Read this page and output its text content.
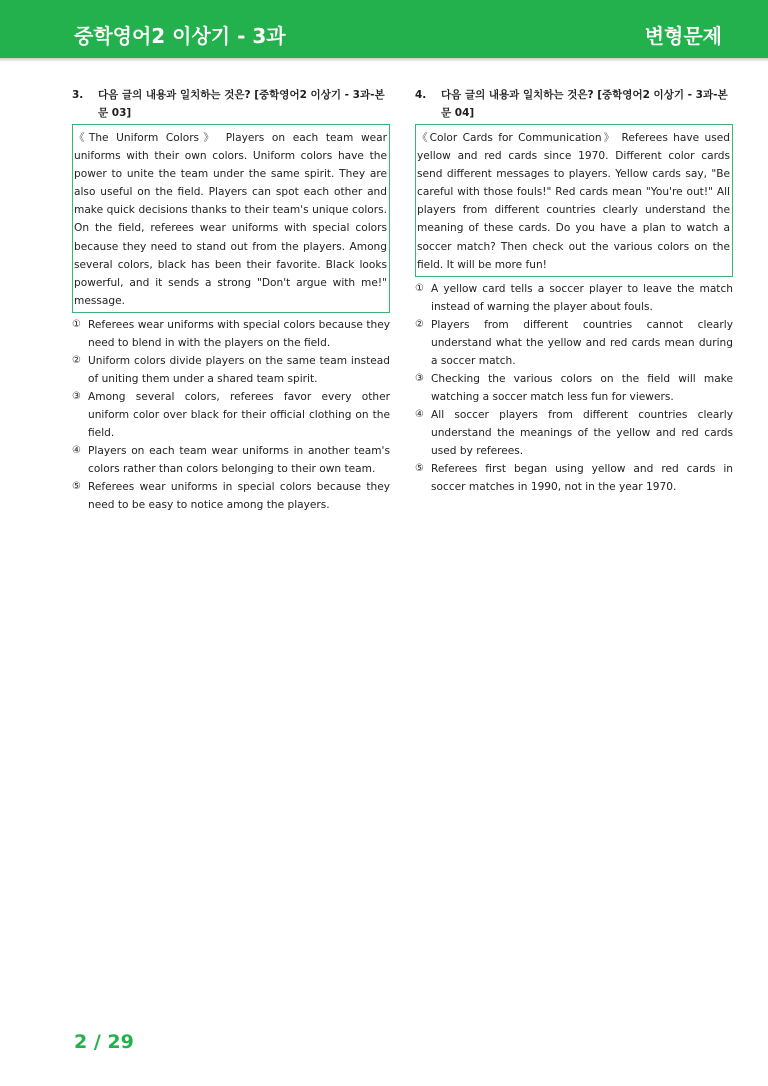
중학영어2 이상기 - 3과	변형문제
3.	다음 글의 내용과 일치하는 것은? [중학영어2 이상기 - 3과-본문 03]
《The Uniform Colors》 Players on each team wear uniforms with their own colors. Uniform colors have the power to unite the team under the same spirit. They are also useful on the field. Players can spot each other and make quick decisions thanks to their team's unique colors. On the field, referees wear uniforms with special colors because they need to stand out from the players. Among several colors, black has been their favorite. Black looks powerful, and it sends a strong "Don't argue with me!" message.
① Referees wear uniforms with special colors because they need to blend in with the players on the field.
② Uniform colors divide players on the same team instead of uniting them under a shared team spirit.
③ Among several colors, referees favor every other uniform color over black for their official clothing on the field.
④ Players on each team wear uniforms in another team's colors rather than colors belonging to their own team.
⑤ Referees wear uniforms in special colors because they need to be easy to notice among the players.
4.	다음 글의 내용과 일치하는 것은? [중학영어2 이상기 - 3과-본문 04]
《Color Cards for Communication》 Referees have used yellow and red cards since 1970. Different color cards send different messages to players. Yellow cards say, "Be careful with those fouls!" Red cards mean "You're out!" All players from different countries clearly understand the meaning of these cards. Do you have a plan to watch a soccer match? Then check out the various colors on the field. It will be more fun!
① A yellow card tells a soccer player to leave the match instead of warning the player about fouls.
② Players from different countries cannot clearly understand what the yellow and red cards mean during a soccer match.
③ Checking the various colors on the field will make watching a soccer match less fun for viewers.
④ All soccer players from different countries clearly understand the meanings of the yellow and red cards used by referees.
⑤ Referees first began using yellow and red cards in soccer matches in 1990, not in the year 1970.
2 / 29
